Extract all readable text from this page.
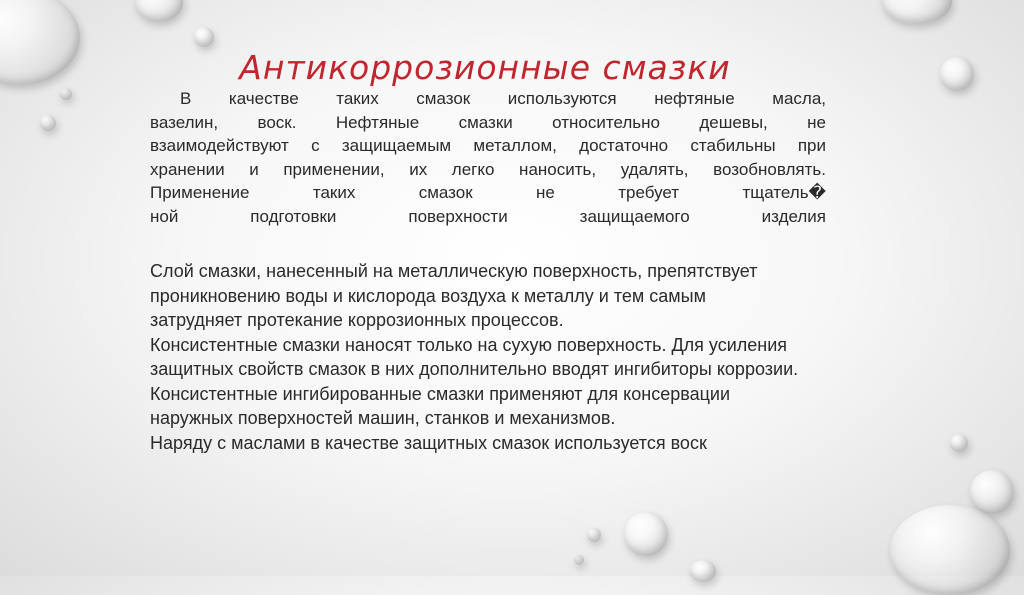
Антикоррозионные смазки
В качестве таких смазок используются нефтяные масла,
вазелин, воск. Нефтяные смазки относительно дешевы, не
взаимодействуют с защищаемым металлом, достаточно стабильны при
хранении и применении, их легко наносить, удалять, возобновлять.
Применение таких смазок не требует тщатель�
ной подготовки поверхности защищаемого изделия
Слой смазки, нанесенный на металлическую поверхность, препятствует
проникновению воды и кислорода воздуха к металлу и тем самым
затрудняет протекание коррозионных процессов.
Консистентные смазки наносят только на сухую поверхность. Для усиления
защитных свойств смазок в них дополнительно вводят ингибиторы коррозии.
Консистентные ингибированные смазки применяют для консервации
наружных поверхностей машин, станков и механизмов.
Наряду с маслами в качестве защитных смазок используется воск
